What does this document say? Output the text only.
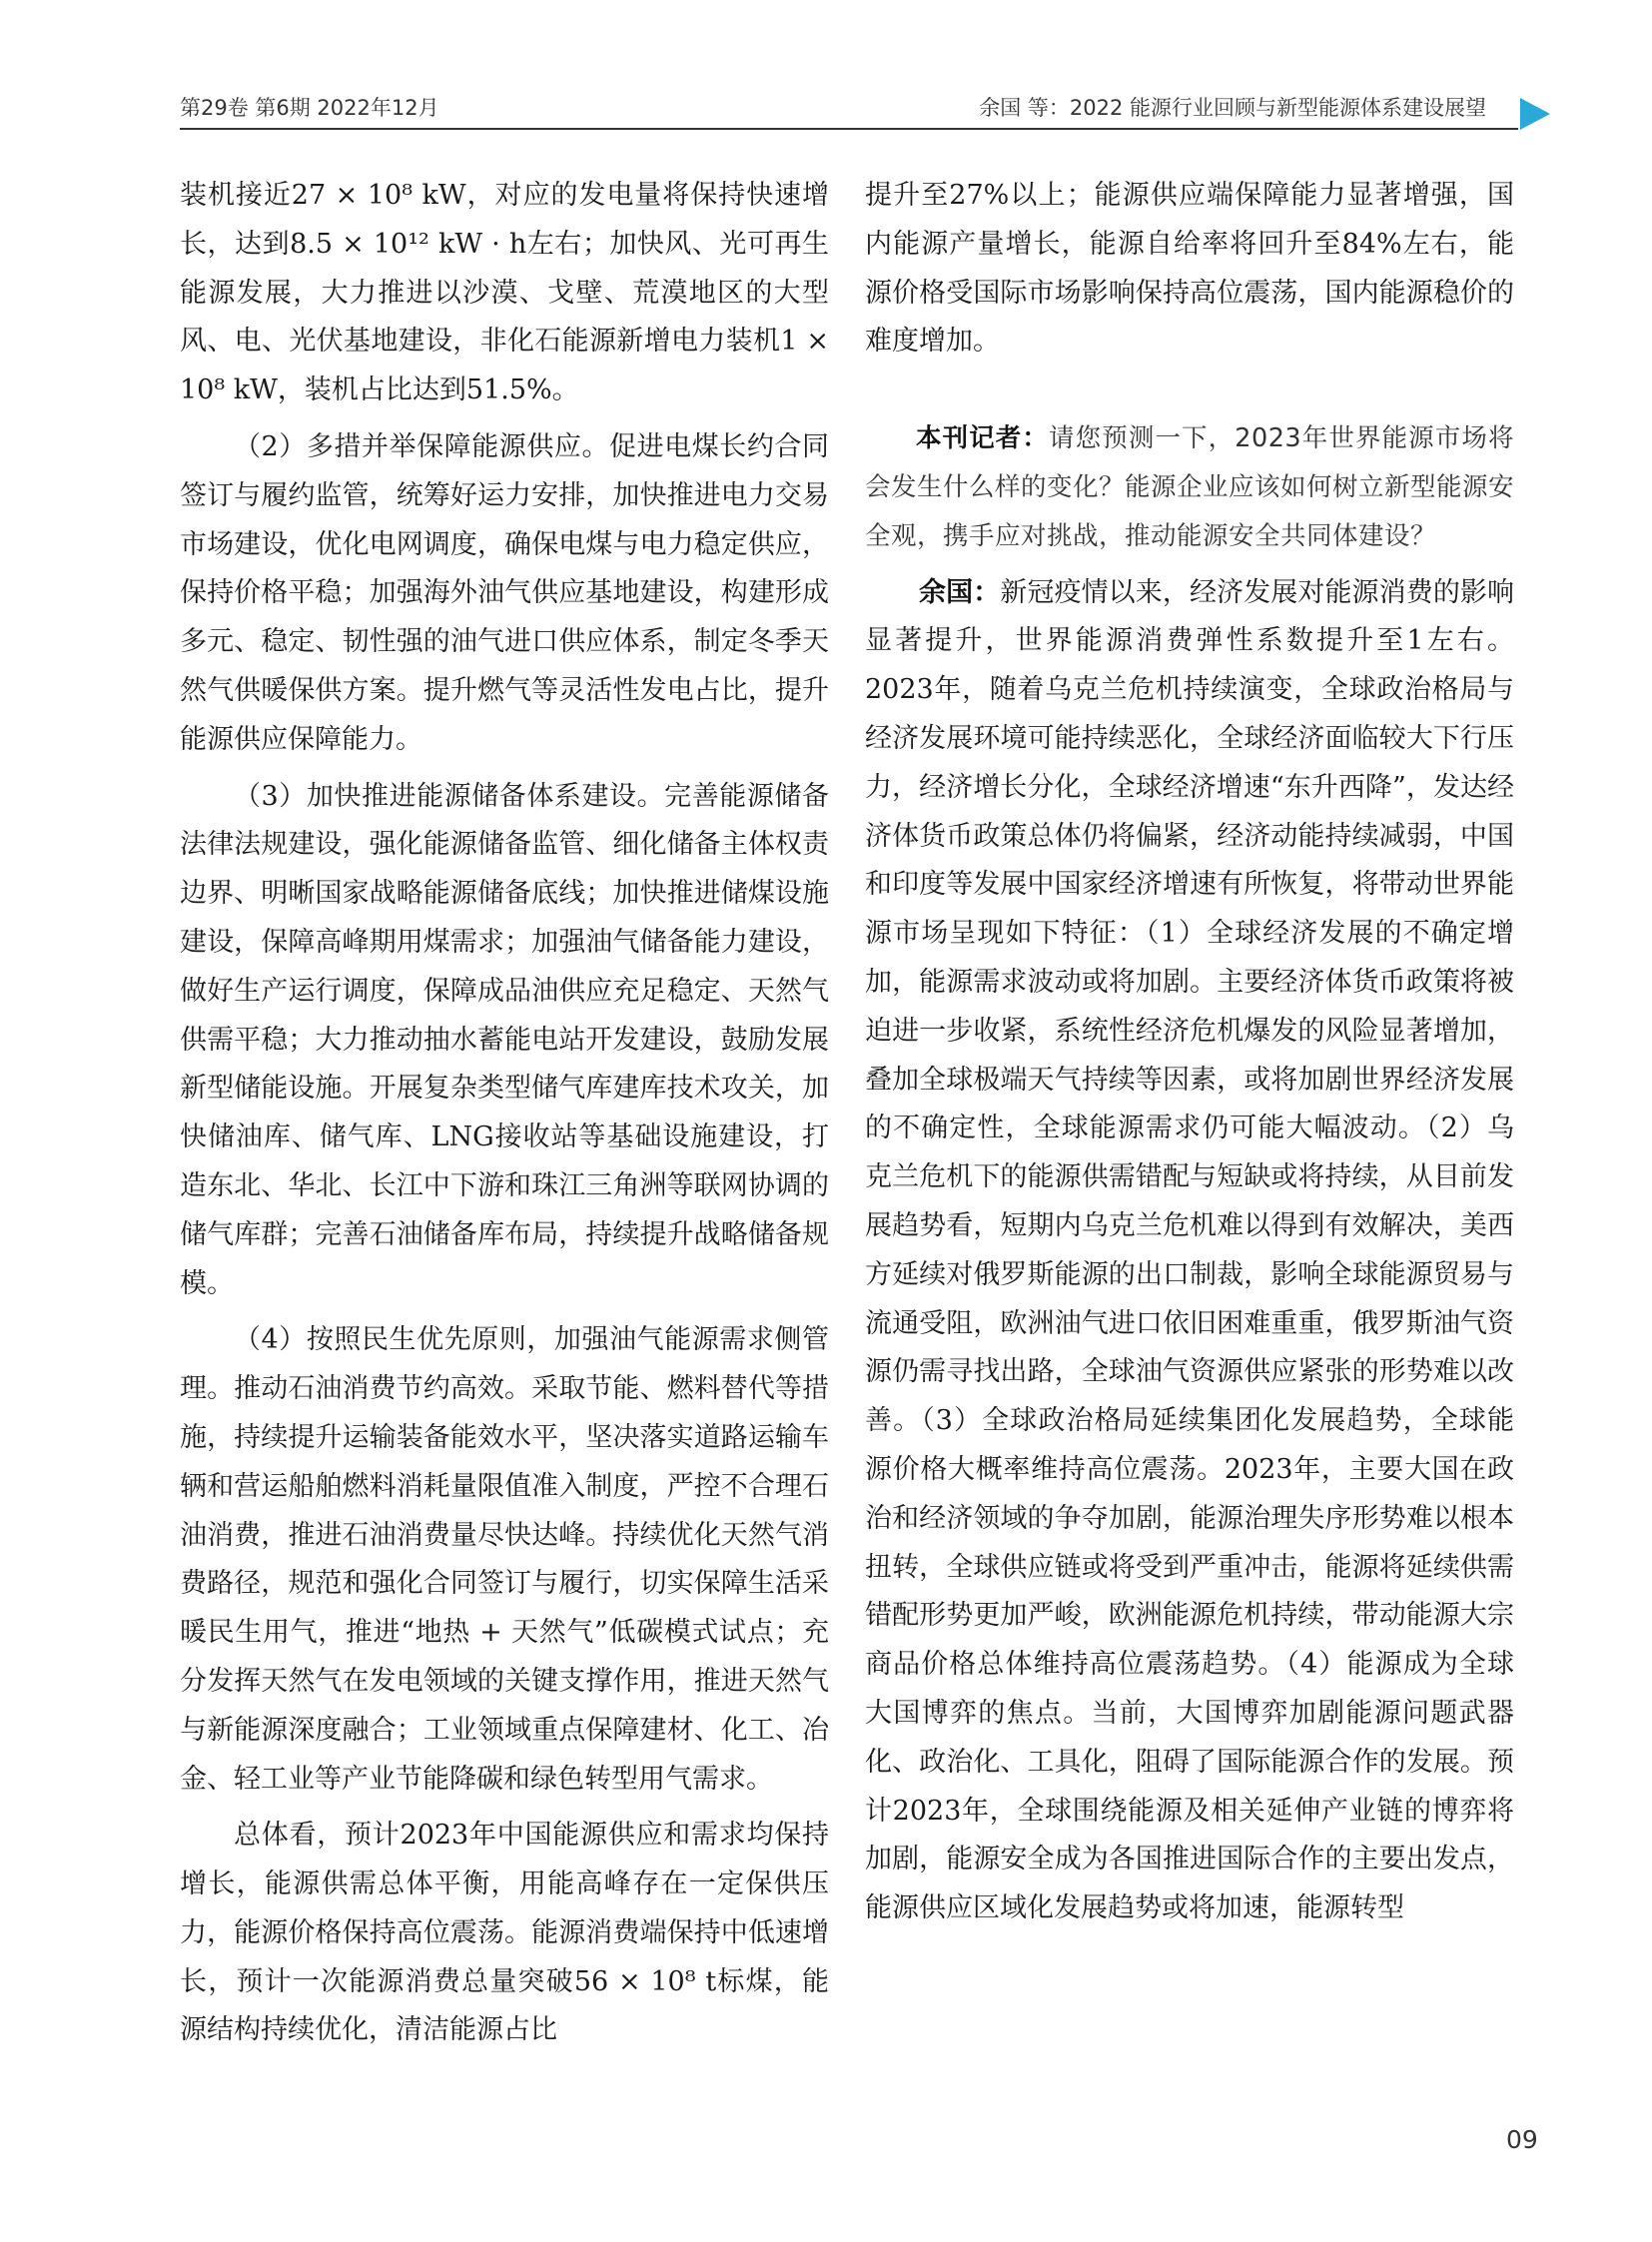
第29卷 第6期 2022年12月	余国 等：2022 能源行业回顾与新型能源体系建设展望

装机接近27 × 10⁸ kW，对应的发电量将保持快速增长，达到8.5 × 10¹² kW · h左右；加快风、光可再生能源发展，大力推进以沙漠、戈壁、荒漠地区的大型风、电、光伏基地建设，非化石能源新增电力装机1 × 10⁸ kW，装机占比达到51.5%。

（2）多措并举保障能源供应。促进电煤长约合同签订与履约监管，统筹好运力安排，加快推进电力交易市场建设，优化电网调度，确保电煤与电力稳定供应，保持价格平稳；加强海外油气供应基地建设，构建形成多元、稳定、韧性强的油气进口供应体系，制定冬季天然气供暖保供方案。提升燃气等灵活性发电占比，提升能源供应保障能力。

（3）加快推进能源储备体系建设。完善能源储备法律法规建设，强化能源储备监管、细化储备主体权责边界、明晰国家战略能源储备底线；加快推进储煤设施建设，保障高峰期用煤需求；加强油气储备能力建设，做好生产运行调度，保障成品油供应充足稳定、天然气供需平稳；大力推动抽水蓄能电站开发建设，鼓励发展新型储能设施。开展复杂类型储气库建库技术攻关，加快储油库、储气库、LNG接收站等基础设施建设，打造东北、华北、长江中下游和珠江三角洲等联网协调的储气库群；完善石油储备库布局，持续提升战略储备规模。

（4）按照民生优先原则，加强油气能源需求侧管理。推动石油消费节约高效。采取节能、燃料替代等措施，持续提升运输装备能效水平，坚决落实道路运输车辆和营运船舶燃料消耗量限值准入制度，严控不合理石油消费，推进石油消费量尽快达峰。持续优化天然气消费路径，规范和强化合同签订与履行，切实保障生活采暖民生用气，推进“地热 + 天然气”低碳模式试点；充分发挥天然气在发电领域的关键支撑作用，推进天然气与新能源深度融合；工业领域重点保障建材、化工、冶金、轻工业等产业节能降碳和绿色转型用气需求。

总体看，预计2023年中国能源供应和需求均保持增长，能源供需总体平衡，用能高峰存在一定保供压力，能源价格保持高位震荡。能源消费端保持中低速增长，预计一次能源消费总量突破56 × 10⁸ t标煤，能源结构持续优化，清洁能源占比

提升至27%以上；能源供应端保障能力显著增强，国内能源产量增长，能源自给率将回升至84%左右，能源价格受国际市场影响保持高位震荡，国内能源稳价的难度增加。

本刊记者：请您预测一下，2023年世界能源市场将会发生什么样的变化？能源企业应该如何树立新型能源安全观，携手应对挑战，推动能源安全共同体建设？

余国：新冠疫情以来，经济发展对能源消费的影响显著提升，世界能源消费弹性系数提升至1左右。2023年，随着乌克兰危机持续演变，全球政治格局与经济发展环境可能持续恶化，全球经济面临较大下行压力，经济增长分化，全球经济增速“东升西降”，发达经济体货币政策总体仍将偏紧，经济动能持续减弱，中国和印度等发展中国家经济增速有所恢复，将带动世界能源市场呈现如下特征：（1）全球经济发展的不确定增加，能源需求波动或将加剧。主要经济体货币政策将被迫进一步收紧，系统性经济危机爆发的风险显著增加，叠加全球极端天气持续等因素，或将加剧世界经济发展的不确定性，全球能源需求仍可能大幅波动。（2）乌克兰危机下的能源供需错配与短缺或将持续，从目前发展趋势看，短期内乌克兰危机难以得到有效解决，美西方延续对俄罗斯能源的出口制裁，影响全球能源贸易与流通受阻，欧洲油气进口依旧困难重重，俄罗斯油气资源仍需寻找出路，全球油气资源供应紧张的形势难以改善。（3）全球政治格局延续集团化发展趋势，全球能源价格大概率维持高位震荡。2023年，主要大国在政治和经济领域的争夺加剧，能源治理失序形势难以根本扭转，全球供应链或将受到严重冲击，能源将延续供需错配形势更加严峻，欧洲能源危机持续，带动能源大宗商品价格总体维持高位震荡趋势。（4）能源成为全球大国博弈的焦点。当前，大国博弈加剧能源问题武器化、政治化、工具化，阻碍了国际能源合作的发展。预计2023年，全球围绕能源及相关延伸产业链的博弈将加剧，能源安全成为各国推进国际合作的主要出发点，能源供应区域化发展趋势或将加速，能源转型

09
